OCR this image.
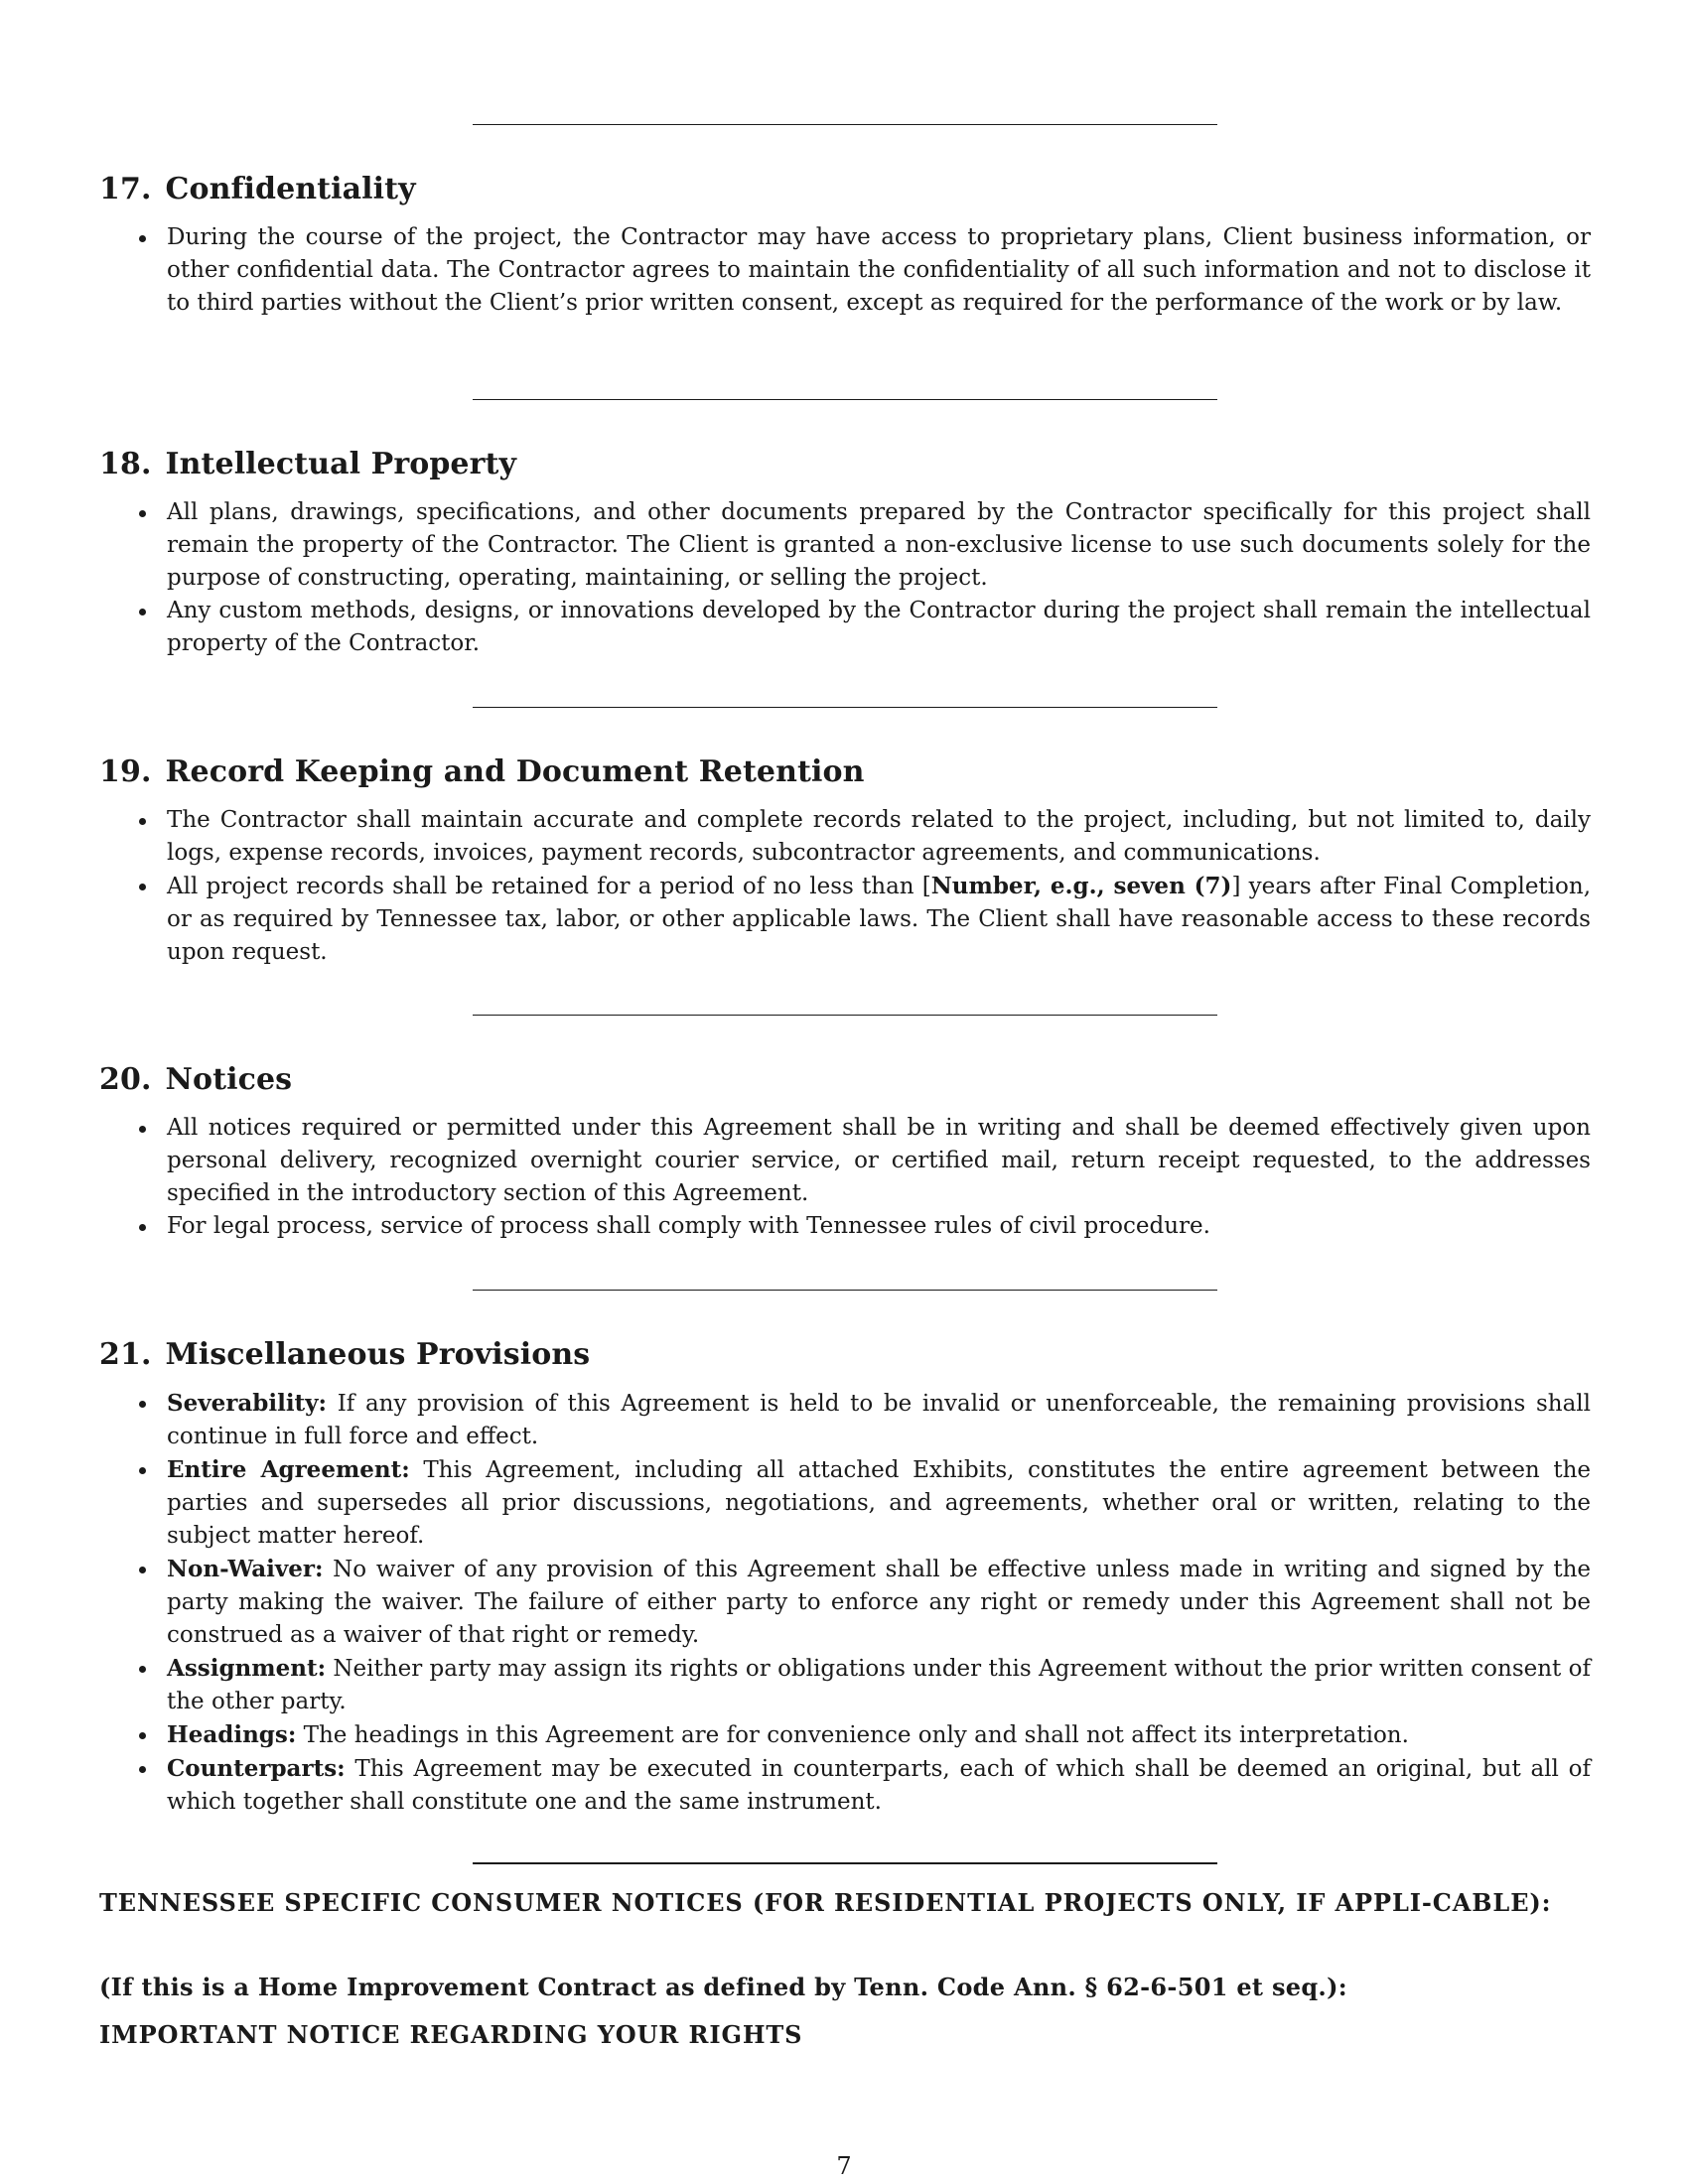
17. Confidentiality
During the course of the project, the Contractor may have access to proprietary plans, Client business information, or other confidential data. The Contractor agrees to maintain the confidentiality of all such information and not to disclose it to third parties without the Client’s prior written consent, except as required for the performance of the work or by law.
18. Intellectual Property
All plans, drawings, specifications, and other documents prepared by the Contractor specifically for this project shall remain the property of the Contractor. The Client is granted a non-exclusive license to use such documents solely for the purpose of constructing, operating, maintaining, or selling the project.
Any custom methods, designs, or innovations developed by the Contractor during the project shall remain the intellectual property of the Contractor.
19. Record Keeping and Document Retention
The Contractor shall maintain accurate and complete records related to the project, including, but not limited to, daily logs, expense records, invoices, payment records, subcontractor agreements, and communications.
All project records shall be retained for a period of no less than [Number, e.g., seven (7)] years after Final Completion, or as required by Tennessee tax, labor, or other applicable laws. The Client shall have reasonable access to these records upon request.
20. Notices
All notices required or permitted under this Agreement shall be in writing and shall be deemed effectively given upon personal delivery, recognized overnight courier service, or certified mail, return receipt requested, to the addresses specified in the introductory section of this Agreement.
For legal process, service of process shall comply with Tennessee rules of civil procedure.
21. Miscellaneous Provisions
Severability: If any provision of this Agreement is held to be invalid or unenforceable, the remaining provisions shall continue in full force and effect.
Entire Agreement: This Agreement, including all attached Exhibits, constitutes the entire agreement between the parties and supersedes all prior discussions, negotiations, and agreements, whether oral or written, relating to the subject matter hereof.
Non-Waiver: No waiver of any provision of this Agreement shall be effective unless made in writing and signed by the party making the waiver. The failure of either party to enforce any right or remedy under this Agreement shall not be construed as a waiver of that right or remedy.
Assignment: Neither party may assign its rights or obligations under this Agreement without the prior written consent of the other party.
Headings: The headings in this Agreement are for convenience only and shall not affect its interpretation.
Counterparts: This Agreement may be executed in counterparts, each of which shall be deemed an original, but all of which together shall constitute one and the same instrument.
TENNESSEE SPECIFIC CONSUMER NOTICES (FOR RESIDENTIAL PROJECTS ONLY, IF APPLI-CABLE):
(If this is a Home Improvement Contract as defined by Tenn. Code Ann. § 62-6-501 et seq.):
IMPORTANT NOTICE REGARDING YOUR RIGHTS
7
